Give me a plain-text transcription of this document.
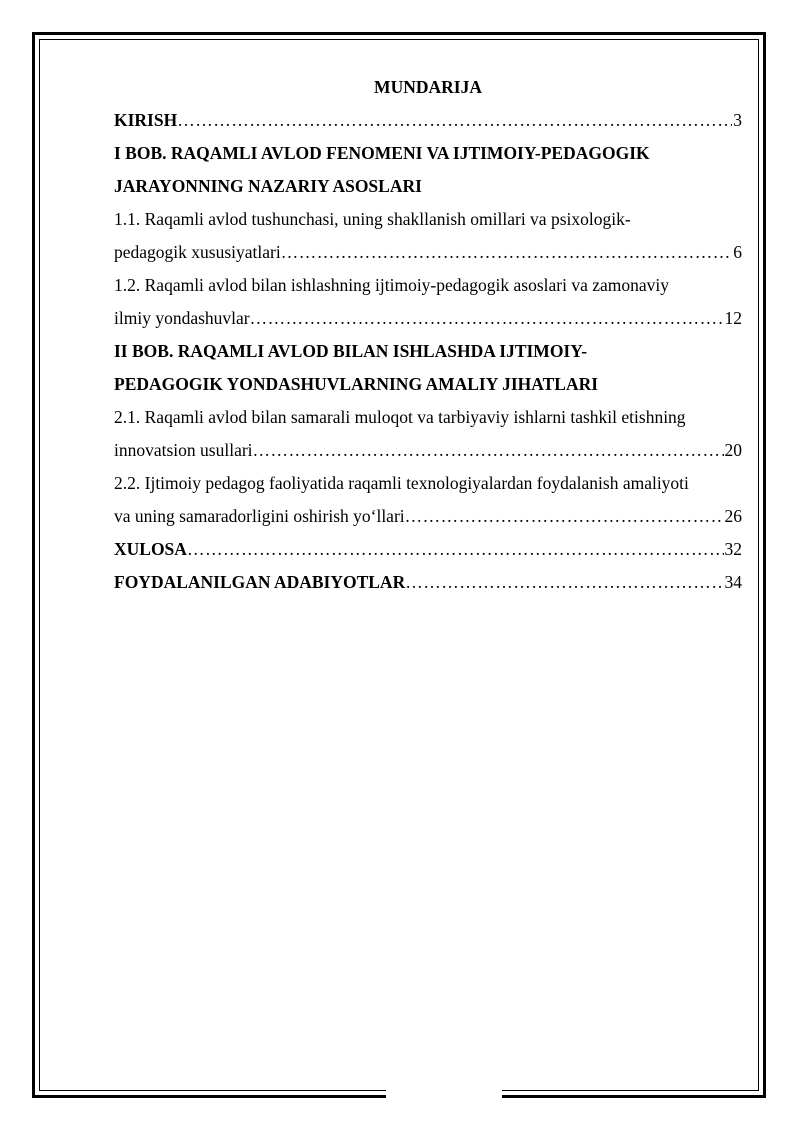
MUNDARIJA
KIRISH ……………………………………………………………………………………………………………………………………………	3
I BOB. RAQAMLI AVLOD FENOMENI VA IJTIMOIY-PEDAGOGIK
JARAYONNING NAZARIY ASOSLARI
1.1. Raqamli avlod tushunchasi, uning shakllanish omillari va psixologik-
pedagogik xususiyatlari ……………………………………………………………………………………………………………………………………………	6
1.2. Raqamli avlod bilan ishlashning ijtimoiy-pedagogik asoslari va zamonaviy
ilmiy yondashuvlar ……………………………………………………………………………………………………………………………………………	12
II BOB. RAQAMLI AVLOD BILAN ISHLASHDA IJTIMOIY-
PEDAGOGIK YONDASHUVLARNING AMALIY JIHATLARI
2.1. Raqamli avlod bilan samarali muloqot va tarbiyaviy ishlarni tashkil etishning
innovatsion usullari ……………………………………………………………………………………………………………………………………………	20
2.2. Ijtimoiy pedagog faoliyatida raqamli texnologiyalardan foydalanish amaliyoti
va uning samaradorligini oshirish yo‘llari ……………………………………………………………………………………………………………………………………………	26
XULOSA ……………………………………………………………………………………………………………………………………………	32
FOYDALANILGAN ADABIYOTLAR ……………………………………………………………………………………………………………………………………………	34
